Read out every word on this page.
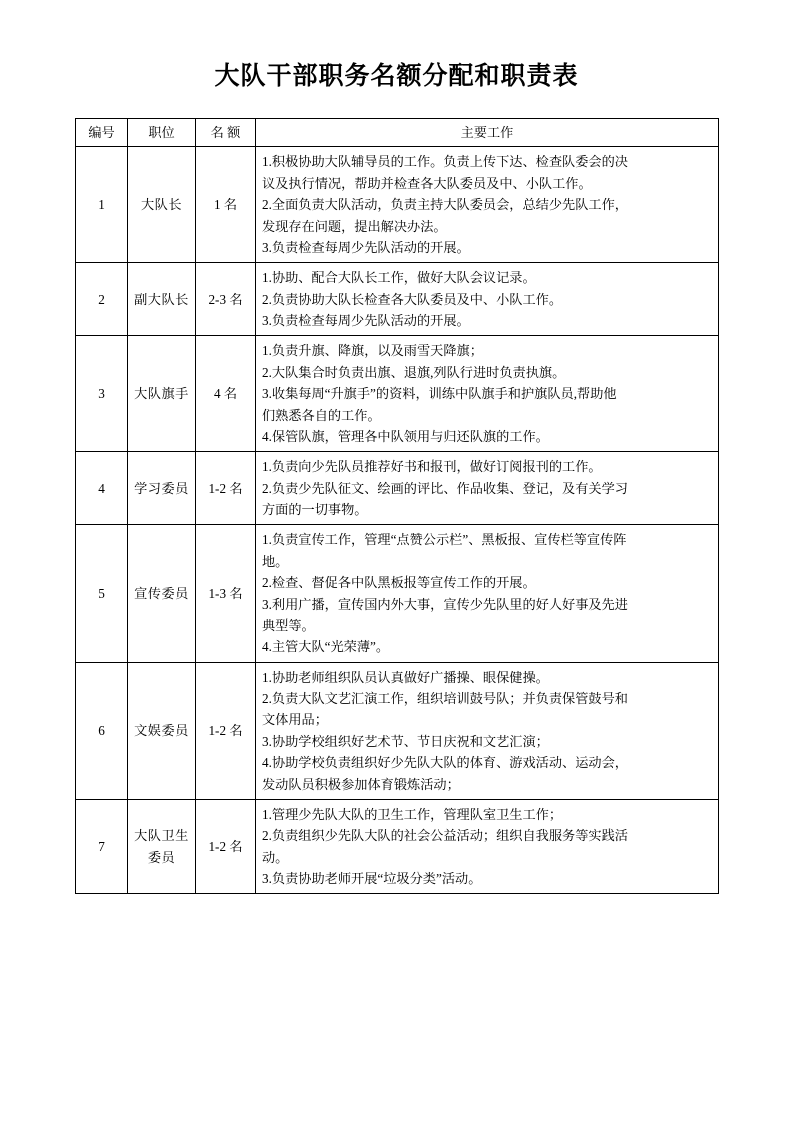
大队干部职务名额分配和职责表
编号	职位	名 额	主要工作
1	大队长	1 名	1.积极协助大队辅导员的工作。负责上传下达、检查队委会的决

议及执行情况，帮助并检查各大队委员及中、小队工作。

2.全面负责大队活动，负责主持大队委员会，总结少先队工作，

发现存在问题，提出解决办法。

3.负责检查每周少先队活动的开展。

2	副大队长	2-3 名	1.协助、配合大队长工作，做好大队会议记录。

2.负责协助大队长检查各大队委员及中、小队工作。

3.负责检查每周少先队活动的开展。

3	大队旗手	4 名	1.负责升旗、降旗，以及雨雪天降旗；

2.大队集合时负责出旗、退旗,列队行进时负责执旗。

3.收集每周“升旗手”的资料，训练中队旗手和护旗队员,帮助他

们熟悉各自的工作。

4.保管队旗，管理各中队领用与归还队旗的工作。

4	学习委员	1-2 名	1.负责向少先队员推荐好书和报刊，做好订阅报刊的工作。

2.负责少先队征文、绘画的评比、作品收集、登记，及有关学习

方面的一切事物。

5	宣传委员	1-3 名	

1.负责宣传工作，管理“点赞公示栏”、黑板报、宣传栏等宣传阵

地。

2.检查、督促各中队黑板报等宣传工作的开展。

3.利用广播，宣传国内外大事，宣传少先队里的好人好事及先进

典型等。

4.主管大队“光荣薄”。

6	文娱委员	1-2 名	

1.协助老师组织队员认真做好广播操、眼保健操。

2.负责大队文艺汇演工作，组织培训鼓号队；并负责保管鼓号和

文体用品；

3.协助学校组织好艺术节、节日庆祝和文艺汇演；

4.协助学校负责组织好少先队大队的体育、游戏活动、运动会，

发动队员积极参加体育锻炼活动；

7	大队卫生委员	1-2 名	1.管理少先队大队的卫生工作，管理队室卫生工作；

2.负责组织少先队大队的社会公益活动；组织自我服务等实践活

动。

3.负责协助老师开展“垃圾分类”活动。
